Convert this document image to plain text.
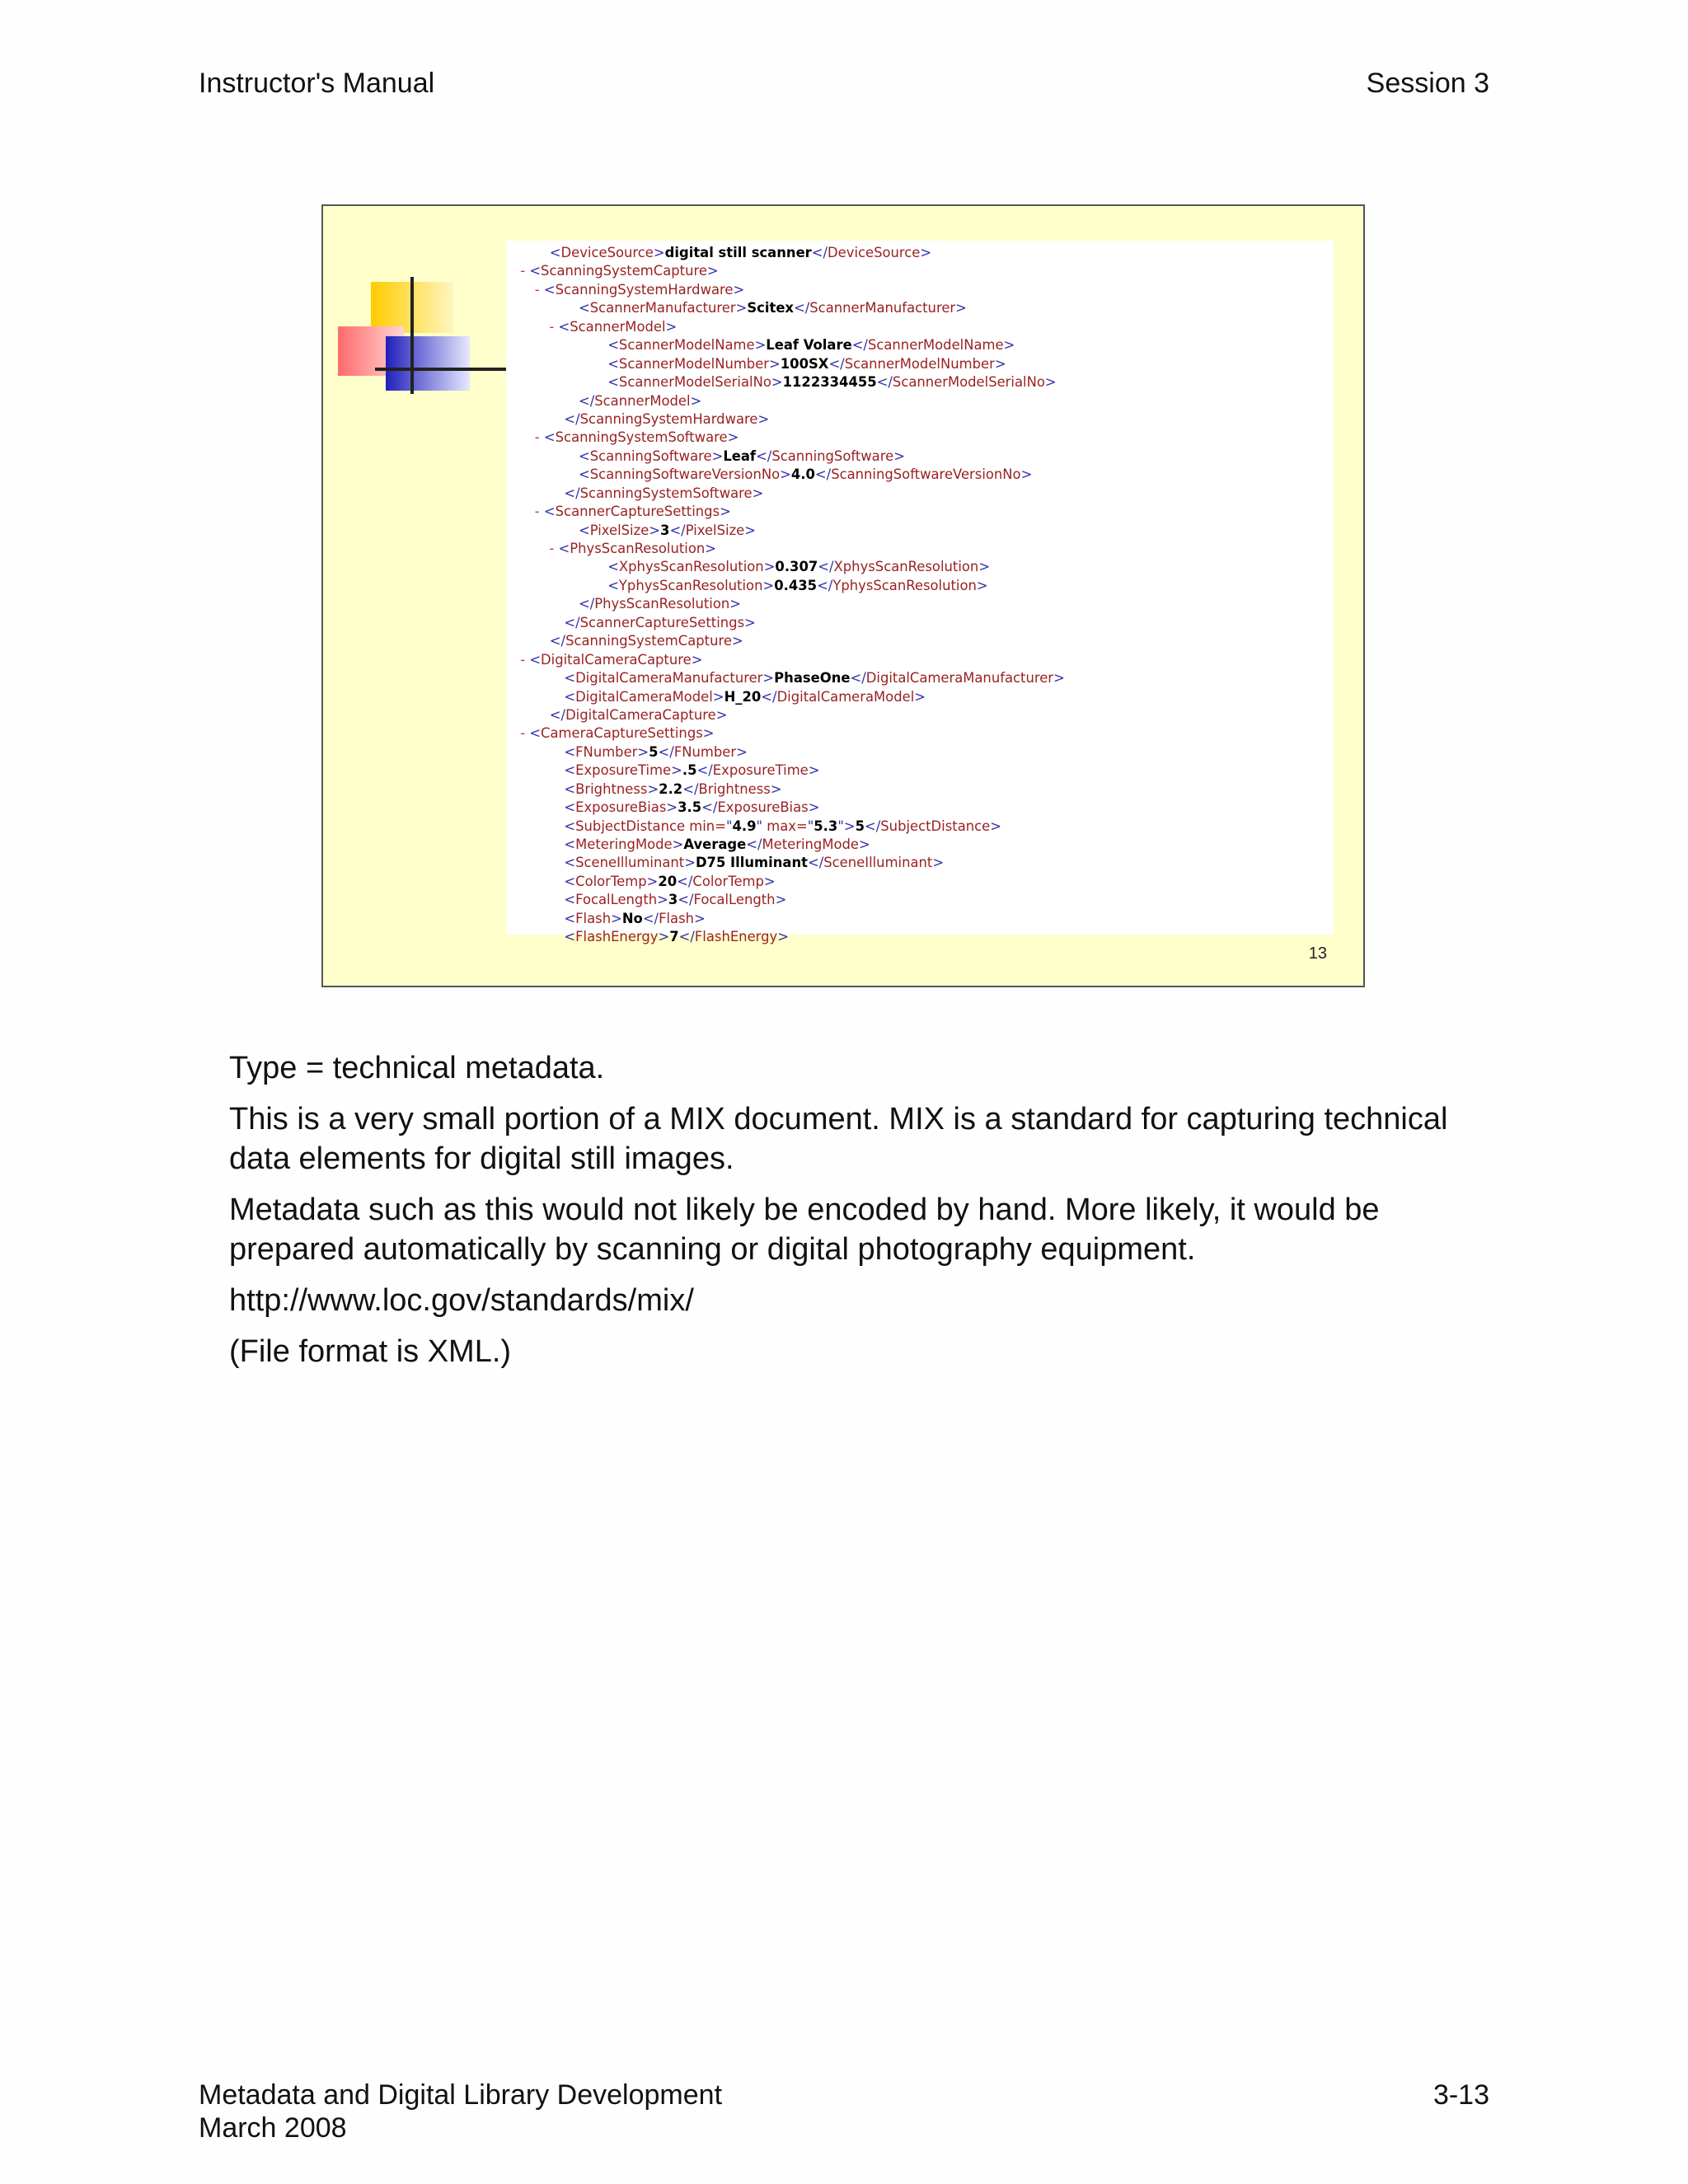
Instructor's Manual	Session 3
<DeviceSource>digital still scanner</DeviceSource>
- <ScanningSystemCapture>
- <ScanningSystemHardware>
<ScannerManufacturer>Scitex</ScannerManufacturer>
- <ScannerModel>
<ScannerModelName>Leaf Volare</ScannerModelName>
<ScannerModelNumber>100SX</ScannerModelNumber>
<ScannerModelSerialNo>1122334455</ScannerModelSerialNo>
</ScannerModel>
</ScanningSystemHardware>
- <ScanningSystemSoftware>
<ScanningSoftware>Leaf</ScanningSoftware>
<ScanningSoftwareVersionNo>4.0</ScanningSoftwareVersionNo>
</ScanningSystemSoftware>
- <ScannerCaptureSettings>
<PixelSize>3</PixelSize>
- <PhysScanResolution>
<XphysScanResolution>0.307</XphysScanResolution>
<YphysScanResolution>0.435</YphysScanResolution>
</PhysScanResolution>
</ScannerCaptureSettings>
</ScanningSystemCapture>
- <DigitalCameraCapture>
<DigitalCameraManufacturer>PhaseOne</DigitalCameraManufacturer>
<DigitalCameraModel>H_20</DigitalCameraModel>
</DigitalCameraCapture>
- <CameraCaptureSettings>
<FNumber>5</FNumber>
<ExposureTime>.5</ExposureTime>
<Brightness>2.2</Brightness>
<ExposureBias>3.5</ExposureBias>
<SubjectDistance min="4.9" max="5.3">5</SubjectDistance>
<MeteringMode>Average</MeteringMode>
<SceneIlluminant>D75 Illuminant</SceneIlluminant>
<ColorTemp>20</ColorTemp>
<FocalLength>3</FocalLength>
<Flash>No</Flash>
<FlashEnergy>7</FlashEnergy>
13

Type = technical metadata.

This is a very small portion of a MIX document. MIX is a standard for capturing technical data elements for digital still images.

Metadata such as this would not likely be encoded by hand. More likely, it would be prepared automatically by scanning or digital photography equipment.

http://www.loc.gov/standards/mix/

(File format is XML.)

Metadata and Digital Library Development
March 2008
3-13
